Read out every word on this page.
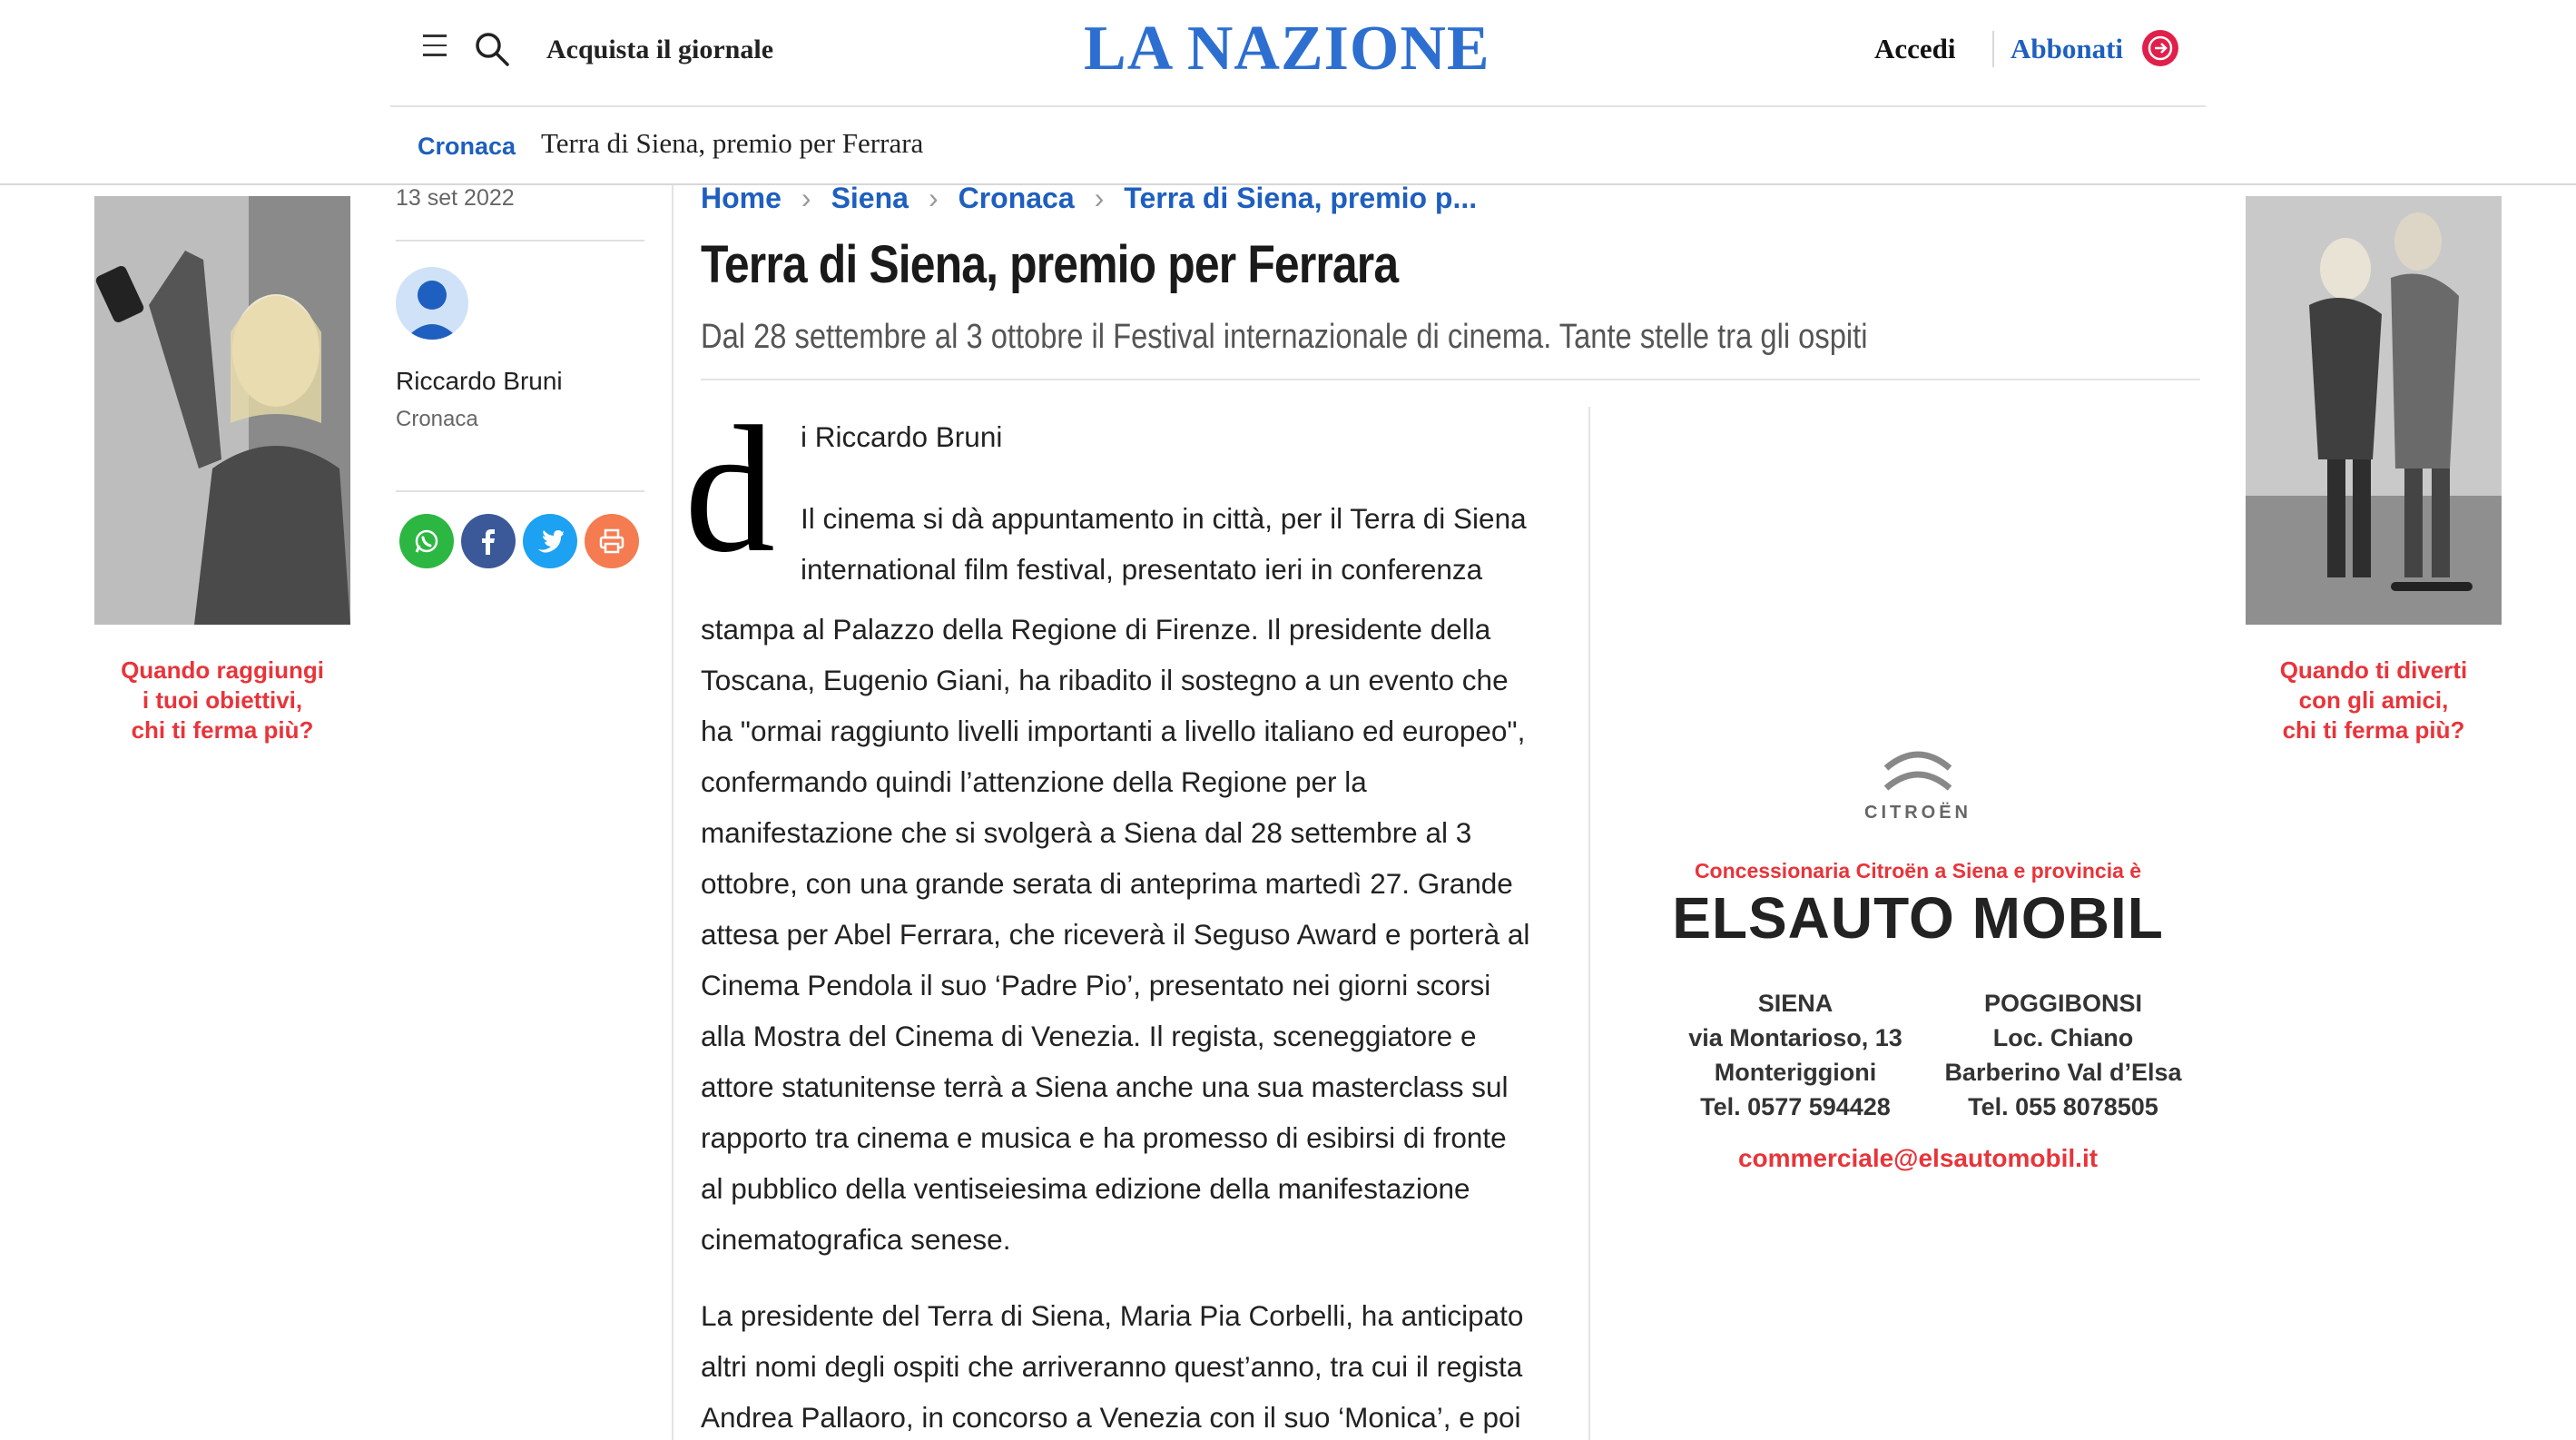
Acquista il giornale	LA NAZIONE	Accedi Abbonati
Cronaca Terra di Siena, premio per Ferrara
Quando raggiungi
i tuoi obiettivi,
chi ti ferma più?
Quando ti diverti
con gli amici,
chi ti ferma più?
13 set 2022
Riccardo Bruni
Cronaca
Home › Siena › Cronaca › Terra di Siena, premio p...
Terra di Siena, premio per Ferrara
Dal 28 settembre al 3 ottobre il Festival internazionale di cinema. Tante stelle tra gli ospiti
d i Riccardo Bruni
Il cinema si dà appuntamento in città, per il Terra di Siena
international film festival, presentato ieri in conferenza

stampa al Palazzo della Regione di Firenze. Il presidente della
Toscana, Eugenio Giani, ha ribadito il sostegno a un evento che
ha "ormai raggiunto livelli importanti a livello italiano ed europeo",
confermando quindi l’attenzione della Regione per la
manifestazione che si svolgerà a Siena dal 28 settembre al 3
ottobre, con una grande serata di anteprima martedì 27. Grande
attesa per Abel Ferrara, che riceverà il Seguso Award e porterà al
Cinema Pendola il suo ‘Padre Pio’, presentato nei giorni scorsi
alla Mostra del Cinema di Venezia. Il regista, sceneggiatore e
attore statunitense terrà a Siena anche una sua masterclass sul
rapporto tra cinema e musica e ha promesso di esibirsi di fronte
al pubblico della ventiseiesima edizione della manifestazione
cinematografica senese.

La presidente del Terra di Siena, Maria Pia Corbelli, ha anticipato
altri nomi degli ospiti che arriveranno quest’anno, tra cui il regista
Andrea Pallaoro, in concorso a Venezia con il suo ‘Monica’, e poi

CITROËN
Concessionaria Citroën a Siena e provincia è
ELSAUTO MOBIL
SIENA
via Montarioso, 13
Monteriggioni
Tel. 0577 594428
POGGIBONSI
Loc. Chiano
Barberino Val d’Elsa
Tel. 055 8078505
commerciale@elsautomobil.it
